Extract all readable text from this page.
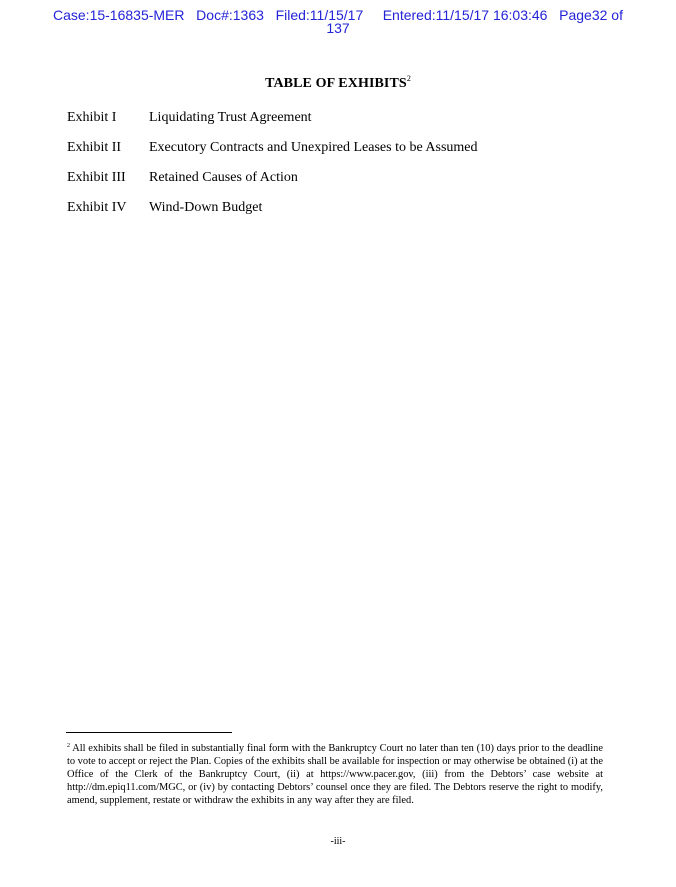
Case:15-16835-MER   Doc#:1363   Filed:11/15/17     Entered:11/15/17 16:03:46   Page32 of
137
TABLE OF EXHIBITS$^2$
Exhibit I	Liquidating Trust Agreement
Exhibit II	Executory Contracts and Unexpired Leases to be Assumed
Exhibit III	Retained Causes of Action
Exhibit IV	Wind-Down Budget
$^2$ All exhibits shall be filed in substantially final form with the Bankruptcy Court no later than ten (10) days prior to the deadline to vote to accept or reject the Plan. Copies of the exhibits shall be available for inspection or may otherwise be obtained (i) at the Office of the Clerk of the Bankruptcy Court, (ii) at https://www.pacer.gov, (iii) from the Debtors’ case website at http://dm.epiq11.com/MGC, or (iv) by contacting Debtors’ counsel once they are filed. The Debtors reserve the right to modify, amend, supplement, restate or withdraw the exhibits in any way after they are filed.
-iii-
